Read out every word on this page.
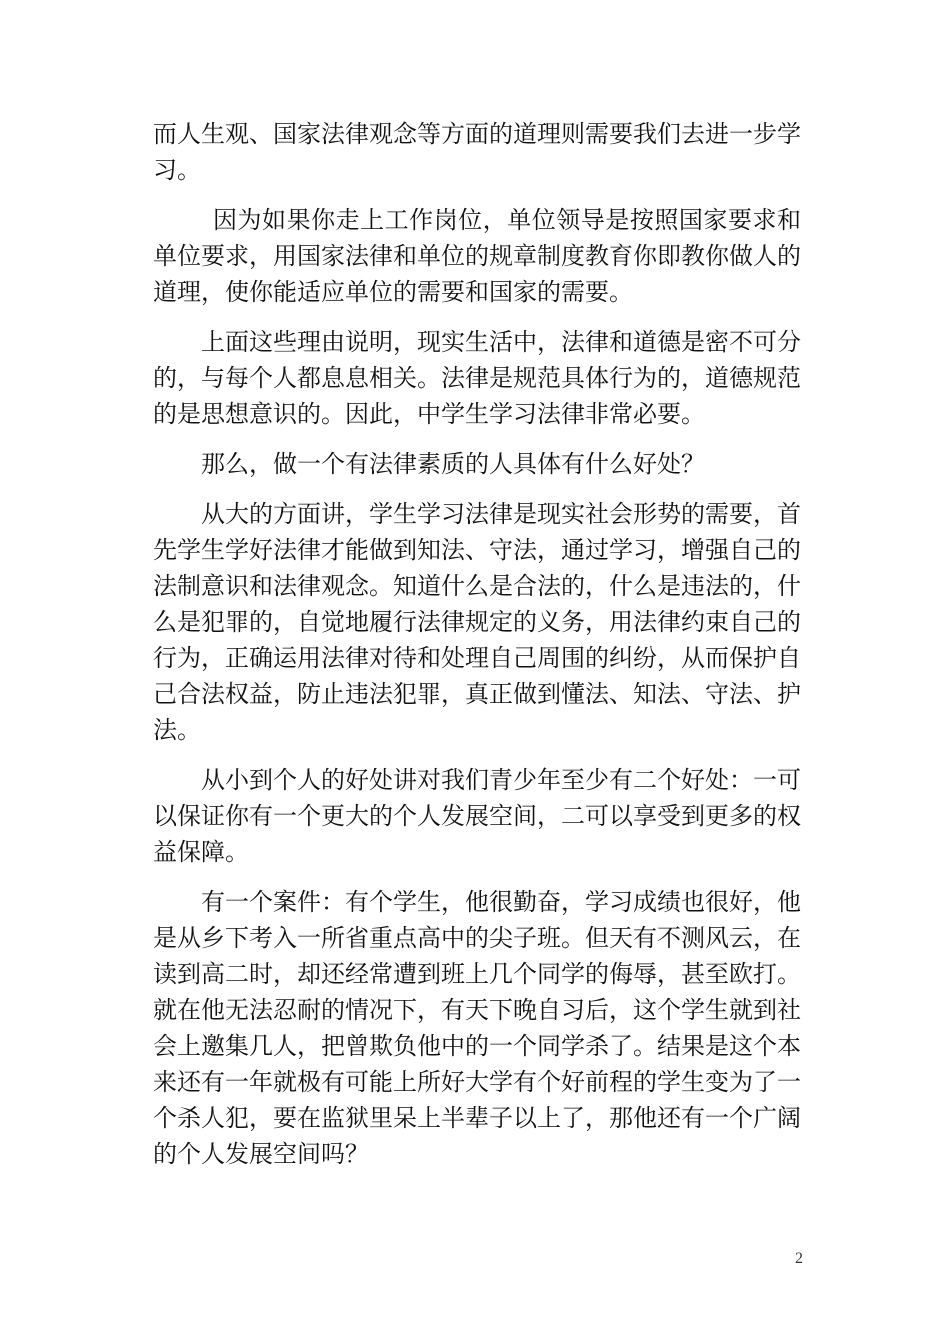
而人生观、国家法律观念等方面的道理则需要我们去进一步学习。

因为如果你走上工作岗位，单位领导是按照国家要求和单位要求，用国家法律和单位的规章制度教育你即教你做人的道理，使你能适应单位的需要和国家的需要。

上面这些理由说明，现实生活中，法律和道德是密不可分的，与每个人都息息相关。法律是规范具体行为的，道德规范的是思想意识的。因此，中学生学习法律非常必要。

那么，做一个有法律素质的人具体有什么好处？

从大的方面讲，学生学习法律是现实社会形势的需要，首先学生学好法律才能做到知法、守法，通过学习，增强自己的法制意识和法律观念。知道什么是合法的，什么是违法的，什么是犯罪的，自觉地履行法律规定的义务，用法律约束自己的行为，正确运用法律对待和处理自己周围的纠纷，从而保护自己合法权益，防止违法犯罪，真正做到懂法、知法、守法、护法。

从小到个人的好处讲对我们青少年至少有二个好处：一可以保证你有一个更大的个人发展空间，二可以享受到更多的权益保障。

有一个案件：有个学生，他很勤奋，学习成绩也很好，他是从乡下考入一所省重点高中的尖子班。但天有不测风云，在读到高二时，却还经常遭到班上几个同学的侮辱，甚至欧打。就在他无法忍耐的情况下，有天下晚自习后，这个学生就到社会上邀集几人，把曾欺负他中的一个同学杀了。结果是这个本来还有一年就极有可能上所好大学有个好前程的学生变为了一个杀人犯，要在监狱里呆上半辈子以上了，那他还有一个广阔的个人发展空间吗？

2
